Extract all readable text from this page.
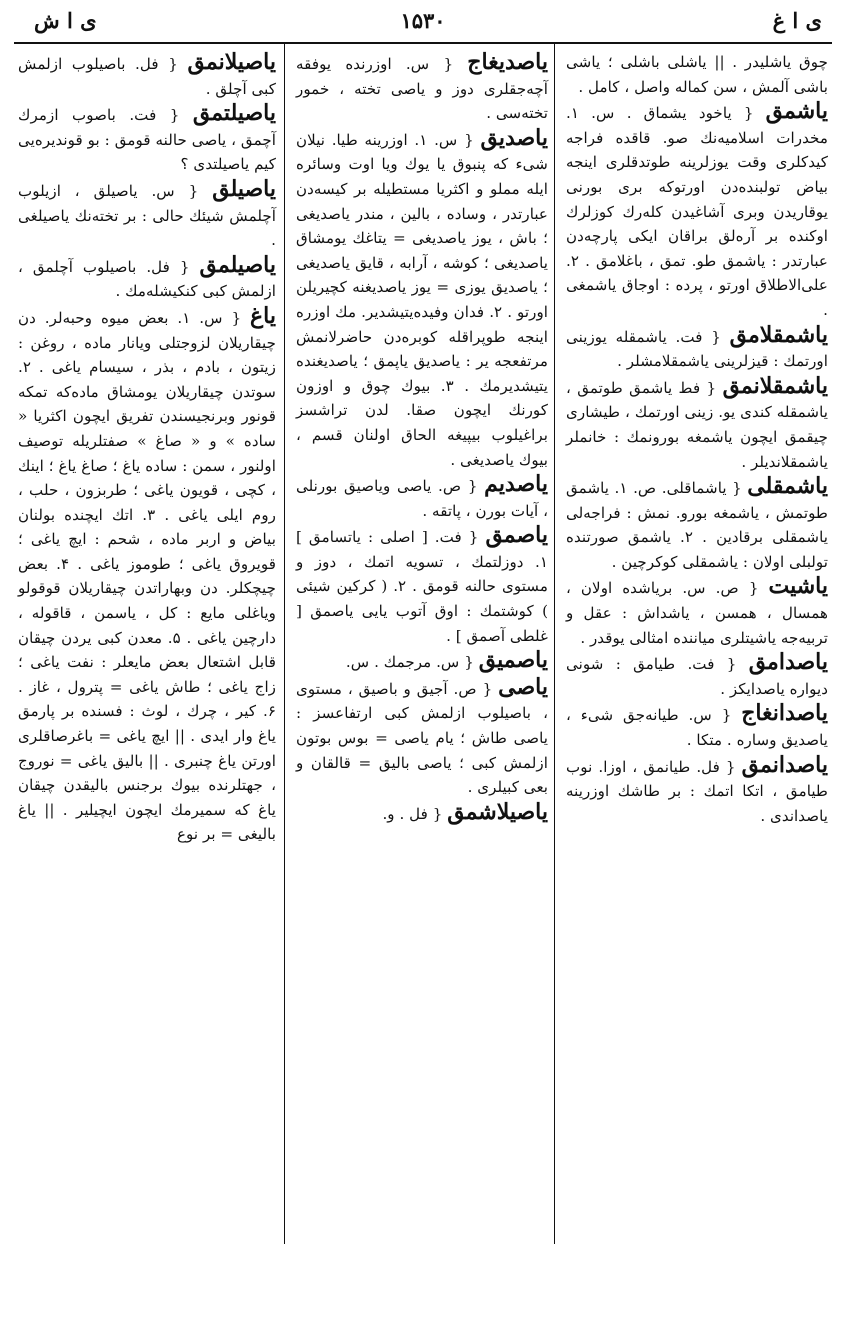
ی ا ش	۱۵۳۰	ی ا غ

چوق یاشلیدر . || یاشلی باشلی ؛ یاشی باشی آلمش ، سن کماله واصل ، کامل .

یاشمق { یاخود یشماق . س. ۱. مخدرات اسلامیه‌نك صو. قاقده فراجه کیدکلری وقت یوزلرینه طوتدقلری اینجه بیاض تولبنده‌دن اورتوکه بری بورنی یوقاریدن وبری آشاغیدن کله‌رك کوزلرك اوکنده بر آره‌لق براقان ایکی پارچه‌دن عبارتدر : یاشمق طو. تمق ، باغلامق . ۲. علی‌الاطلاق اورتو ، پرده : اوجاق یاشمغی .

یاشمقلامق { فت. یاشمقله یوزینی اورتمك : قیزلرینی یاشمقلامشلر .

یاشمقلانمق { فط یاشمق طوتمق ، یاشمقله کندی یو. زینی اورتمك ، طیشاری چیقمق ایچون یاشمغه بورونمك : خانملر یاشمقلاندیلر .

یاشمقلی { یاشماقلی. ص. ۱. یاشمق طوتمش ، یاشمغه بورو. نمش : فراجه‌لی یاشمقلی برقادین . ۲. یاشمق صورتنده تولبلی اولان : یاشمقلی کوکرچین .

یاشیت { ص. س. بریاشده اولان ، همسال ، همسن ، یاشداش : عقل و تربیه‌جه یاشیتلری میاننده امثالی یوقدر .

یاصدامق { فت. طیامق : شونی دیواره یاصدایکز .

یاصدانغاج { س. طیانه‌جق شیء ، یاصدیق وساره . متکا .

یاصدانمق { فل. طیانمق ، اوزا. نوب طیامق ، اتکا اتمك : بر طاشك اوزرینه یاصداندی .

یاصدیغاج { س. اوزرنده یوفقه آچه‌جقلری دوز و یاصی تخته ، خمور تخته‌سی .

یاصدیق { س. ۱. اوزرینه طیا. نیلان شیء که پنبوق یا یوك ویا اوت وسائره ایله مملو و اکثریا مستطیله بر کیسه‌دن عبارتدر ، وساده ، بالین ، مندر یاصدیغی ؛ باش ، یوز یاصدیغی = یتاغك یومشاق یاصدیغی ؛ کوشه ، آرابه ، قایق یاصدیغی ؛ یاصدیق یوزی = یوز یاصدیغنه کچیریلن اورتو . ۲. فدان وفیده‌یتیشدیر. مك اوزره اینجه طوپراقله کوبره‌دن حاضرلانمش مرتفعجه یر : یاصدیق یاپمق ؛ یاصدیغنده یتیشدیرمك . ۳. بیوك چوق و اوزون کورنك ایچون صقا. لدن تراشسز براغیلوب بیپیغه الحاق اولنان قسم ، بیوك یاصدیغی .

یاصدیم { ص. یاصی ویاصیق بورنلی ، آیات بورن ، پاتقه .

یاصمق { فت. [ اصلی : یاتسامق ] ۱. دوزلتمك ، تسویه اتمك ، دوز و مستوی حالنه قومق . ۲. ( کرکین شیئی ) کوشتمك : اوق آتوب یایی یاصمق [ غلطی آصمق ] .

یاصمیق { س. مرجمك . س.

یاصی { ص. آجیق و باصیق ، مستوی ، باصیلوب ازلمش کبی ارتفاعسز : یاصی طاش ؛ یام یاصی = بوس بوتون ازلمش کبی ؛ یاصی بالیق = قالقان و بعی کبیلری .

یاصیلاشمق { فل . و.

یاصیلانمق { فل. باصیلوب ازلمش کبی آچلق .

یاصیلتمق { فت. باصوب ازمرك آچمق ، یاصی حالنه قومق : بو قوندیره‌یی کیم یاصیلتدی ؟

یاصیلق { س. یاصیلق ، ازیلوب آچلمش شیئك حالی : بر تخته‌نك یاصیلغی .

یاصیلمق { فل. باصیلوب آچلمق ، ازلمش کبی کنکیشله‌مك .

یاغ { س. ۱. بعض میوه وحبه‌لر. دن چیقاریلان لزوجتلی ویانار ماده ، روغن : زیتون ، بادم ، بذر ، سیسام یاغی . ۲. سوتدن چیقاریلان یومشاق ماده‌که تمکه قونور وبرنجیسندن تفریق ایچون اکثریا « ساده » و « صاغ » صفتلریله توصیف اولنور ، سمن : ساده یاغ ؛ صاغ یاغ ؛ اینك ، کچی ، قویون یاغی ؛ طربزون ، حلب ، روم ایلی یاغی . ۳. اتك ایچنده بولنان بیاض و اربر ماده ، شحم : ایچ یاغی ؛ قویروق یاغی ؛ طوموز یاغی . ۴. بعض چیچکلر. دن وبهاراتدن چیقاریلان قوقولو ویاغلی مایع : کل ، یاسمن ، قاقوله ، دارچین یاغی . ۵. معدن کبی یردن چیقان قابل اشتعال بعض مایعلر : نفت یاغی ؛ زاج یاغی ؛ طاش یاغی = پترول ، غاز . ۶. کیر ، چرك ، لوث : فسنده بر پارمق یاغ وار ایدی . || ایچ یاغی = باغرصاقلری اورتن یاغ چنبری . || بالیق یاغی = نوروج ، جهتلرنده بیوك برجنس بالیقدن چیقان یاغ که سمیرمك ایچون ایچیلیر . || یاغ بالیغی = بر نوع
